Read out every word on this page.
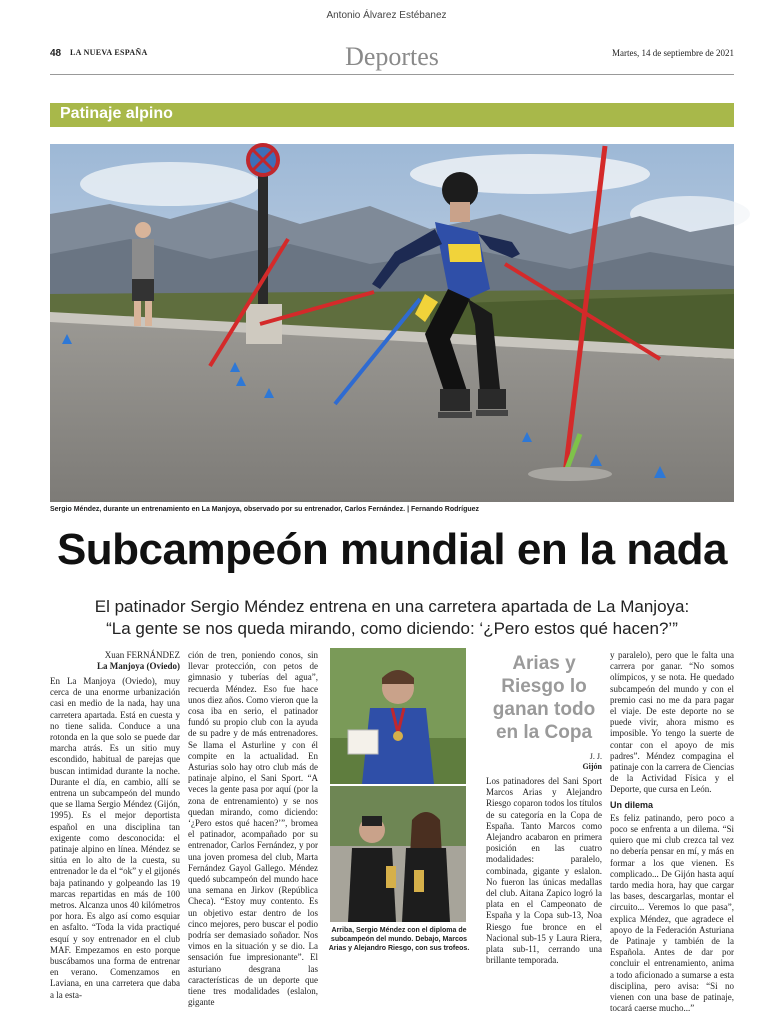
Antonio Álvarez Estébanez
48 LA NUEVA ESPAÑA	Deportes	Martes, 14 de septiembre de 2021
Patinaje alpino
Sergio Méndez, durante un entrenamiento en La Manjoya, observado por su entrenador, Carlos Fernández. | Fernando Rodríguez
Subcampeón mundial en la nada
El patinador Sergio Méndez entrena en una carretera apartada de La Manjoya:
“La gente se nos queda mirando, como diciendo: ‘¿Pero estos qué hacen?’”
Xuan FERNÁNDEZ
La Manjoya (Oviedo)
En La Manjoya (Oviedo), muy cerca de una enorme urbanización casi en medio de la nada, hay una carretera apartada. Está en cuesta y no tiene salida. Conduce a una rotonda en la que solo se puede dar marcha atrás. Es un sitio muy escondido, habitual de parejas que buscan intimidad durante la noche. Durante el día, en cambio, allí se entrena un subcampeón del mundo que se llama Sergio Méndez (Gijón, 1995). Es el mejor deportista español en una disciplina tan exigente como desconocida: el patinaje alpino en línea. Méndez se sitúa en lo alto de la cuesta, su entrenador le da el “ok” y el gijonés baja patinando y golpeando las 19 marcas repartidas en más de 100 metros. Alcanza unos 40 kilómetros por hora. Es algo así como esquiar en asfalto. “Toda la vida practiqué esquí y soy entrenador en el club MAF. Empezamos en esto porque buscábamos una forma de entrenar en verano. Comenzamos en Laviana, en una carretera que daba a la esta-
ción de tren, poniendo conos, sin llevar protección, con petos de gimnasio y tuberías del agua”, recuerda Méndez. Eso fue hace unos diez años. Como vieron que la cosa iba en serio, el patinador fundó su propio club con la ayuda de su padre y de más entrenadores. Se llama el Asturline y con él compite en la actualidad. En Asturias solo hay otro club más de patinaje alpino, el Sani Sport. “A veces la gente pasa por aquí (por la zona de entrenamiento) y se nos quedan mirando, como diciendo: ‘¿Pero estos qué hacen?’”, bromea el patinador, acompañado por su entrenador, Carlos Fernández, y por una joven promesa del club, Marta Fernández Gayol Gallego. Méndez quedó subcampeón del mundo hace una semana en Jirkov (República Checa). “Estoy muy contento. Es un objetivo estar dentro de los cinco mejores, pero buscar el podio podría ser demasiado soñador. Nos vimos en la situación y se dio. La sensación fue impresionante”. El asturiano desgrana las características de un deporte que tiene tres modalidades (eslalon, gigante
Arriba, Sergio Méndez con el diploma de subcampeón del mundo. Debajo, Marcos Arias y Alejandro Riesgo, con sus trofeos.
Arias y Riesgo lo ganan todo en la Copa
J. J.
Gijón
Los patinadores del Sani Sport Marcos Arias y Alejandro Riesgo coparon todos los títulos de su categoría en la Copa de España. Tanto Marcos como Alejandro acabaron en primera posición en las cuatro modalidades: paralelo, combinada, gigante y eslalon. No fueron las únicas medallas del club. Aitana Zapico logró la plata en el Campeonato de España y la Copa sub-13, Noa Riesgo fue bronce en el Nacional sub-15 y Laura Riera, plata sub-11, cerrando una brillante temporada.
y paralelo), pero que le falta una carrera por ganar. “No somos olímpicos, y se nota. He quedado subcampeón del mundo y con el premio casi no me da para pagar el viaje. De este deporte no se puede vivir, ahora mismo es imposible. Yo tengo la suerte de contar con el apoyo de mis padres”. Méndez compagina el patinaje con la carrera de Ciencias de la Actividad Física y el Deporte, que cursa en León.
Un dilema
Es feliz patinando, pero poco a poco se enfrenta a un dilema. “Si quiero que mi club crezca tal vez no debería pensar en mí, y más en formar a los que vienen. Es complicado... De Gijón hasta aquí tardo media hora, hay que cargar las bases, descargarlas, montar el circuito... Veremos lo que pasa”, explica Méndez, que agradece el apoyo de la Federación Asturiana de Patinaje y también de la Española. Antes de dar por concluir el entrenamiento, anima a todo aficionado a sumarse a esta disciplina, pero avisa: “Si no vienen con una base de patinaje, tocará caerse mucho...”
